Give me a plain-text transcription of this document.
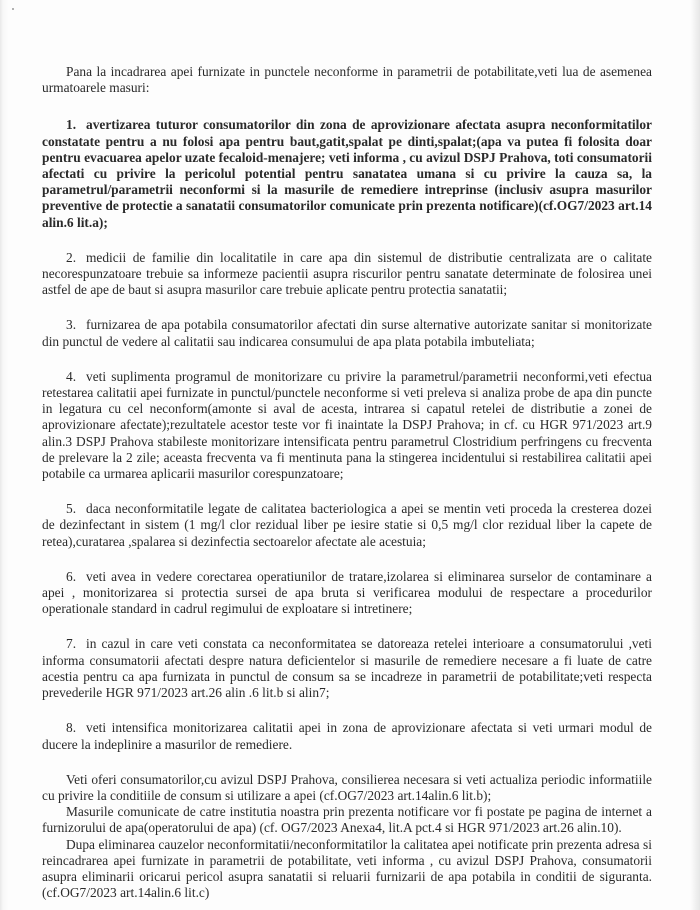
Pana la incadrarea apei furnizate in punctele neconforme in parametrii de potabilitate,veti lua de asemenea urmatoarele masuri:

1. avertizarea tuturor consumatorilor din zona de aprovizionare afectata asupra neconformitatilor constatate pentru a nu folosi apa pentru baut,gatit,spalat pe dinti,spalat;(apa va putea fi folosita doar pentru evacuarea apelor uzate fecaloid-menajere; veti informa , cu avizul DSPJ Prahova, toti consumatorii afectati cu privire la pericolul potential pentru sanatatea umana si cu privire la cauza sa, la parametrul/parametrii neconformi si la masurile de remediere intreprinse (inclusiv asupra masurilor preventive de protectie a sanatatii consumatorilor comunicate prin prezenta notificare)(cf.OG7/2023 art.14 alin.6 lit.a);

2. medicii de familie din localitatile in care apa din sistemul de distributie centralizata are o calitate necorespunzatoare trebuie sa informeze pacientii asupra riscurilor pentru sanatate determinate de folosirea unei astfel de ape de baut si asupra masurilor care trebuie aplicate pentru protectia sanatatii;

3. furnizarea de apa potabila consumatorilor afectati din surse alternative autorizate sanitar si monitorizate din punctul de vedere al calitatii sau indicarea consumului de apa plata potabila imbuteliata;

4. veti suplimenta programul de monitorizare cu privire la parametrul/parametrii neconformi,veti efectua retestarea calitatii apei furnizate in punctul/punctele neconforme si veti preleva si analiza probe de apa din puncte in legatura cu cel neconform(amonte si aval de acesta, intrarea si capatul retelei de distributie a zonei de aprovizionare afectate);rezultatele acestor teste vor fi inaintate la DSPJ Prahova; in cf. cu HGR 971/2023 art.9 alin.3 DSPJ Prahova stabileste monitorizare intensificata pentru parametrul Clostridium perfringens cu frecventa de prelevare la 2 zile; aceasta frecventa va fi mentinuta pana la stingerea incidentului si restabilirea calitatii apei potabile ca urmarea aplicarii masurilor corespunzatoare;

5. daca neconformitatile legate de calitatea bacteriologica a apei se mentin veti proceda la cresterea dozei de dezinfectant in sistem (1 mg/l clor rezidual liber pe iesire statie si 0,5 mg/l clor rezidual liber la capete de retea),curatarea ,spalarea si dezinfectia sectoarelor afectate ale acestuia;

6. veti avea in vedere corectarea operatiunilor de tratare,izolarea si eliminarea surselor de contaminare a apei , monitorizarea si protectia sursei de apa bruta si verificarea modului de respectare a procedurilor operationale standard in cadrul regimului de exploatare si intretinere;

7. in cazul in care veti constata ca neconformitatea se datoreaza retelei interioare a consumatorului ,veti informa consumatorii afectati despre natura deficientelor si masurile de remediere necesare a fi luate de catre acestia pentru ca apa furnizata in punctul de consum sa se incadreze in parametrii de potabilitate;veti respecta prevederile HGR 971/2023 art.26 alin .6 lit.b si alin7;

8. veti intensifica monitorizarea calitatii apei in zona de aprovizionare afectata si veti urmari modul de ducere la indeplinire a masurilor de remediere.

Veti oferi consumatorilor,cu avizul DSPJ Prahova, consilierea necesara si veti actualiza periodic informatiile cu privire la conditiile de consum si utilizare a apei (cf.OG7/2023 art.14alin.6 lit.b);

Masurile comunicate de catre institutia noastra prin prezenta notificare vor fi postate pe pagina de internet a furnizorului de apa(operatorului de apa) (cf. OG7/2023 Anexa4, lit.A pct.4 si HGR 971/2023 art.26 alin.10).

Dupa eliminarea cauzelor neconformitatii/neconformitatilor la calitatea apei notificate prin prezenta adresa si reincadrarea apei furnizate in parametrii de potabilitate, veti informa , cu avizul DSPJ Prahova, consumatorii asupra eliminarii oricarui pericol asupra sanatatii si reluarii furnizarii de apa potabila in conditii de siguranta.(cf.OG7/2023 art.14alin.6 lit.c)
